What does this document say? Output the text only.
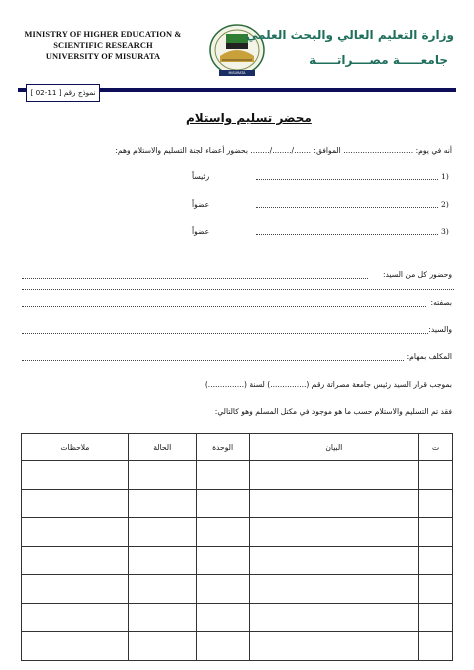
MINISTRY OF HIGHER EDUCATION &
SCIENTIFIC RESEARCH
UNIVERSITY OF MISURATA
MISURATA UNIVERSITY
وزارة التعليم العالي والبحث العلمي
جامعـــــة مصــــراتـــــة
نموذج رقم [ 11-02 ]
محضر تسليم واستلام
أنه في يوم: ............................. الموافق: ......./......../........ بحضور أعضاء لجنة التسليم والاستلام وهم:
1)
رئيساً
2)
عضواً
3)
عضواً
وحضور كل من السيد:
بصفته:
والسيد:
المكلف بمهام:
بموجب قرار السيد رئيس جامعة مصراتة رقم (...............) لسنة (...............)
فقد تم التسليم والاستلام حسب ما هو موجود في مكتل المسلم وهو كالتالي:
ت	البيان	الوحدة	الحالة	ملاحظات
